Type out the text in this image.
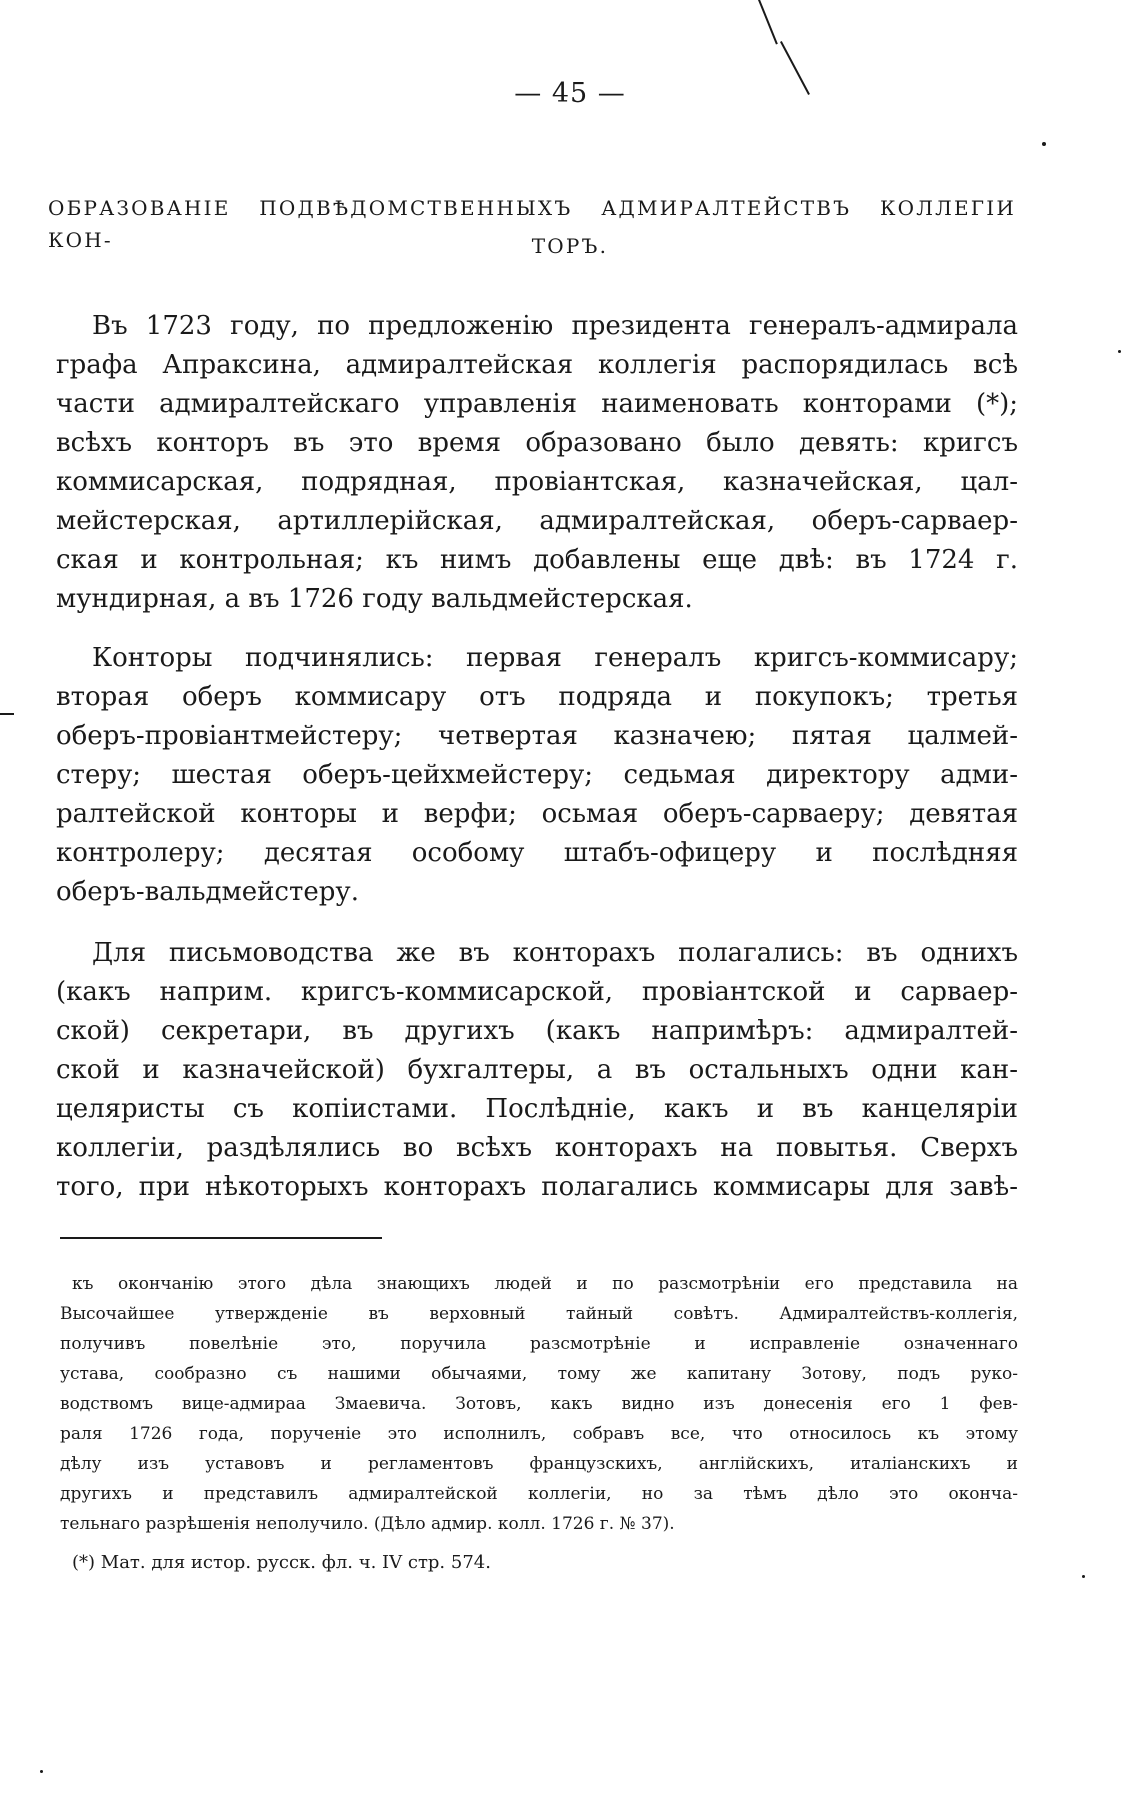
— 45 —
ОБРАЗОВАНІЕ ПОДВѢДОМСТВЕННЫХЪ АДМИРАЛТЕЙСТВЪ КОЛЛЕГІИ КОН-	ТОРЪ.
Въ 1723 году, по предложенію президента генералъ-адмирала
графа Апраксина, адмиралтейская коллегія распорядилась всѣ
части адмиралтейскаго управленія наименовать конторами (*);
всѣхъ конторъ въ это время образовано было девять: кригсъ
коммисарская, подрядная, провіантская, казначейская, цал-
мейстерская, артиллерійская, адмиралтейская, оберъ-сарваер-
ская и контрольная; къ нимъ добавлены еще двѣ: въ 1724 г.
мундирная, а въ 1726 году вальдмейстерская.
Конторы подчинялись: первая генералъ кригсъ-коммисару;
вторая оберъ коммисару отъ подряда и покупокъ; третья
оберъ-провіантмейстеру; четвертая казначею; пятая цалмей-
стеру; шестая оберъ-цейхмейстеру; седьмая директору адми-
ралтейской конторы и верфи; осьмая оберъ-сарваеру; девятая
контролеру; десятая особому штабъ-офицеру и послѣдняя
оберъ-вальдмейстеру.
Для письмоводства же въ конторахъ полагались: въ однихъ
(какъ наприм. кригсъ-коммисарской, провіантской и сарваер-
ской) секретари, въ другихъ (какъ напримѣръ: адмиралтей-
ской и казначейской) бухгалтеры, а въ остальныхъ одни кан-
целяристы съ копіистами. Послѣдніе, какъ и въ канцеляріи
коллегіи, раздѣлялись во всѣхъ конторахъ на повытья. Сверхъ
того, при нѣкоторыхъ конторахъ полагались коммисары для завѣ-
къ окончанію этого дѣла знающихъ людей и по разсмотрѣніи его представила на
Высочайшее утвержденіе въ верховный тайный совѣтъ. Адмиралтействъ-коллегія,
получивъ повелѣніе это, поручила разсмотрѣніе и исправленіе означеннаго
устава, сообразно съ нашими обычаями, тому же капитану Зотову, подъ руко-
водствомъ вице-адмираа Змаевича. Зотовъ, какъ видно изъ донесенія его 1 фев-
раля 1726 года, порученіе это исполнилъ, собравъ все, что относилось къ этому
дѣлу изъ уставовъ и регламентовъ французскихъ, англійскихъ, италіанскихъ и
другихъ и представилъ адмиралтейской коллегіи, но за тѣмъ дѣло это оконча-
тельнаго разрѣшенія неполучило. (Дѣло адмир. колл. 1726 г. № 37).
(*) Мат. для истор. русск. фл. ч. IV стр. 574.
